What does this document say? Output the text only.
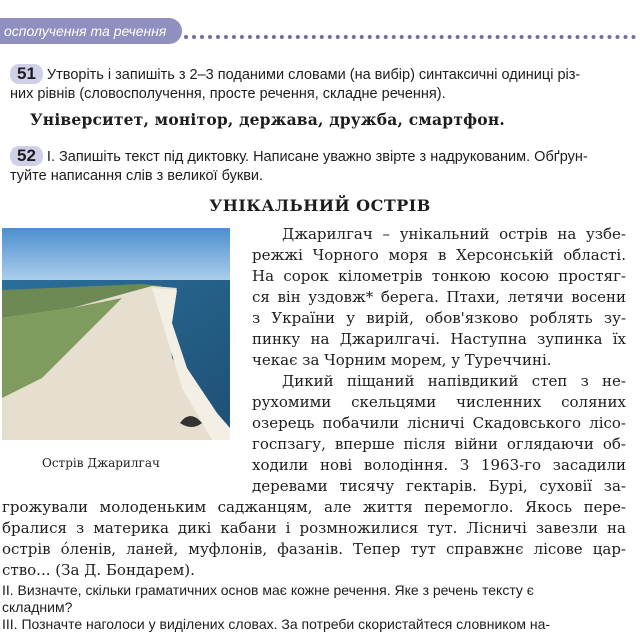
осполучення та речення
51 Утворіть і запишіть з 2–3 поданими словами (на вибір) синтаксичні одиниці різ-
них рівнів (словосполучення, просте речення, складне речення).
Університет, монітор, держава, дружба, смартфон.
52 I. Запишіть текст під диктовку. Написане уважно звірте з надрукованим. Обґрун-
туйте написання слів з великої букви.
УНІКАЛЬНИЙ ОСТРІВ
Острів Джарилгач
Джарилгач – унікальний острів на узбе-
режжі Чорного моря в Херсонській області.
На сорок кілометрів тонкою косою простяг-
ся він уздовж* берега. Птахи, летячи восени
з України у вирій, обов'язково роблять зу-
пинку на Джарилгачі. Наступна зупинка їх
чекає за Чорним морем, у Туреччині.
Дикий піщаний напівдикий степ з не-
рухомими скельцями численних соляних
озерець побачили лісничі Скадовського лісо-
госпзагу, вперше після війни оглядаючи об-
ходили нові володіння. З 1963-го засадили
деревами тисячу гектарів. Бурі, суховії за-
грожували молоденьким саджанцям, але життя перемогло. Якось пере-
бралися з материка дикі кабани і розмножилися тут. Лісничі завезли на
острів óленів, ланей, муфлонів, фазанів. Тепер тут справжнє лісове цар-
ство... (За Д. Бондарем).
II. Визначте, скільки граматичних основ має кожне речення. Яке з речень тексту є
складним?
III. Позначте наголоси у виділених словах. За потреби скористайтеся словником на-
